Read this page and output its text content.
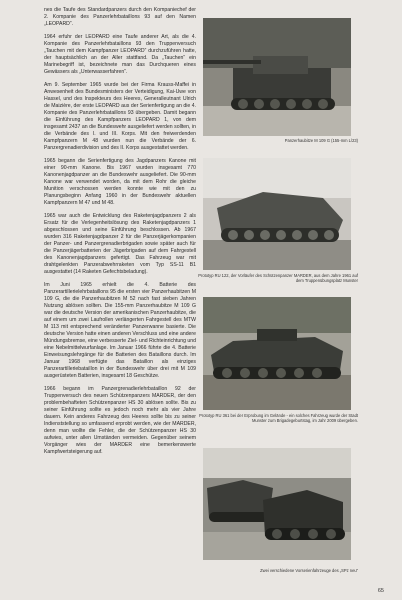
nes die Taufe des Standardpanzers durch den Kompaniechef der 2. Kompanie des Panzerlehrbataillons 93 auf den Namen „LEOPARD“.

1964 erfuhr der LEOPARD eine Taufe anderer Art, als die 4. Kompanie des Panzerlehrbataillons 93 den Truppenversuch „Tauchen mit dem Kampfpanzer LEOPARD“ durchzuführen hatte, der hauptsächlich an der Aller stattfand. Da „Tauchen“ ein Marinebegriff ist, bezeichnete man das Durchqueren eines Gewässers als „Unterwasserfahren“.

Am 9. September 1965 wurde bei der Firma Krauss-Maffei in Anwesenheit des Bundesministers der Verteidigung, Kai-Uwe von Hassel, und des Inspekteurs des Heeres, Generalleutnant Ulrich de Maizière, der erste LEOPARD aus der Serienfertigung an die 4. Kompanie des Panzerlehrbataillons 93 übergeben. Damit begann die Einführung des Kampfpanzers LEOPARD 1, von dem insgesamt 2437 an die Bundeswehr ausgeliefert werden sollten, in die Verbände des I. und III. Korps. Mit den freiwerdenden Kampfpanzern M 48 wurden nun die Verbände der 6. Panzergrenadierdivision und des II. Korps ausgestattet werden.

1965 begann die Serienfertigung des Jagdpanzers Kanone mit einer 90-mm Kanone. Bis 1967 wurden insgesamt 770 Kanonenjagdpanzer an die Bundeswehr ausgeliefert. Die 90-mm Kanone war verwendet worden, da mit dem Rohr die gleiche Munition verschossen werden konnte wie mit den zu Planungsbeginn Anfang 1960 in der Bundeswehr aktuellen Kampfpanzern M 47 und M 48.

1965 war auch die Entwicklung des Raketenjagdpanzers 2 als Ersatz für die Verlegenheitslösung des Raketenjagdpanzers 1 abgeschlossen und seine Einführung beschlossen. Ab 1967 wurden 316 Raketenjagdpanzer 2 für die Panzerjägerkompanien der Panzer- und Panzergrenadierbrigaden sowie später auch für die Panzerjägerbatterien der Jägerbrigaden auf dem Fahrgestell des Kanonenjagdpanzers gefertigt. Das Fahrzeug war mit drahtgelenkten Panzerabwehrraketen vom Typ SS-11 B1 ausgestattet (14 Raketen Gefechtsbeladung).

Im Juni 1965 erhielt die 4. Batterie des Panzerartillerielehrbataillons 95 die ersten vier Panzerhaubitzen M 109 G, die die Panzerhaubitzen M 52 nach fast sieben Jahren Nutzung ablösen sollten. Die 155-mm Panzerhaubitze M 109 G war die deutsche Version der amerikanischen Panzerhaubitze, die auf einem um zwei Laufrollen verlängerten Fahrgestell des MTW M 113 mit entsprechend veränderter Panzerwanne basierte. Die deutsche Version hatte einen anderen Verschluss und eine andere Mündungsbremse, eine verbesserte Ziel- und Richteinrichtung und eine Nebelmittelwurfanlage. Im Januar 1966 führte die 4. Batterie Einweisungslehrgänge für die Batterien des Bataillons durch. Im Januar 1968 verfügte das Bataillon als einziges Panzerartilleriebataillon in der Bundeswehr über drei mit M 109 ausgerüsteten Batterien, insgesamt 18 Geschütze.

1966 begann im Panzergrenadierlehrbataillon 92 der Truppenversuch des neuen Schützenpanzers MARDER, der den problembehafteten Schützenpanzer HS 30 ablösen sollte. Bis zu seiner Einführung sollte es jedoch noch mehr als vier Jahre dauern. Kein anderes Fahrzeug des Heeres sollte bis zu seiner Indienststellung so umfassend erprobt werden, wie der MARDER, denn man wollte die Fehler, die der Schützenpanzer HS 30 aufwies, unter allen Umständen vermeiden. Gegenüber seinem Vorgänger wies der MARDER eine bemerkenswerte Kampfwertsteigerung auf.

Panzerhaubitze M 109 G (155-mm L/23)
Prototyp RU 122, der Vorläufer des Schützenpanzer MARDER, aus dem Jahre 1961 auf dem Truppenübungsplatz Munster
Prototyp RU 361 bei der Erprobung im Gelände - ein solches Fahrzeug wurde der Stadt Munster zum Brigadegeburtstag, im Jahr 2009 übergeben.
Zwei verschiedene Vorserienfahrzeuge des „SPz neu“
65
